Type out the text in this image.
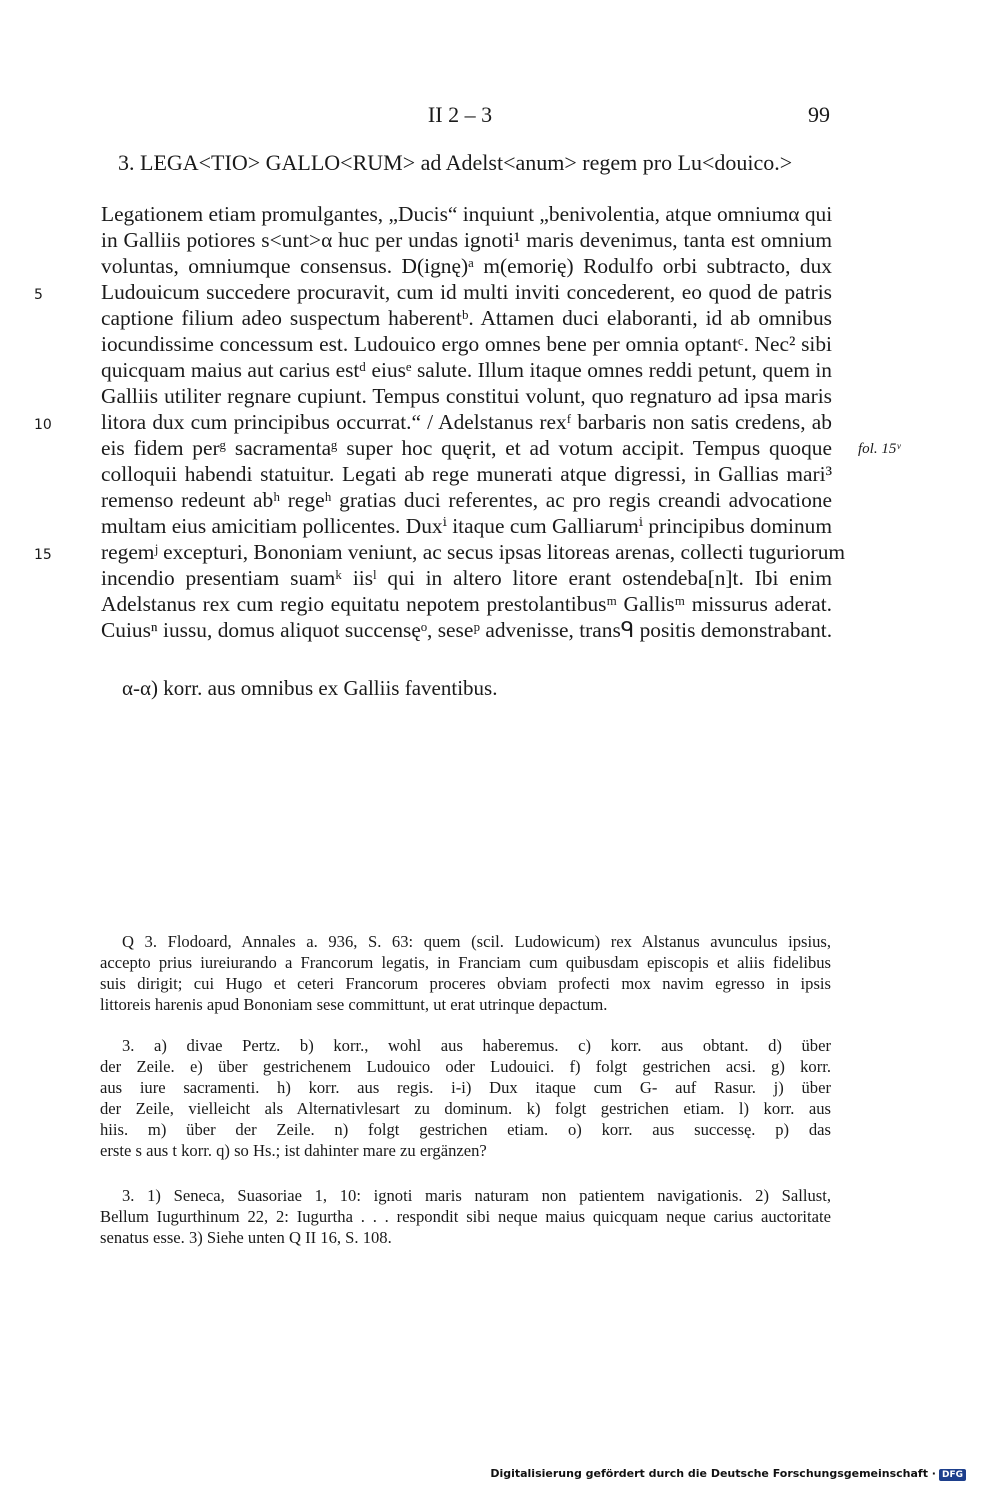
II 2 – 3	99
3. LEGA<TIO> GALLO<RUM> ad Adelst<anum> regem pro Lu<douico.>
Legationem etiam promulgantes, „Ducis“ inquiunt „benivolentia, atque omniumα qui
in Galliis potiores s<unt>α huc per undas ignoti¹ maris devenimus, tanta est omnium
voluntas, omniumque consensus. D(ignę)ᵃ m(emorię) Rodulfo orbi subtracto, dux
Ludouicum succedere procuravit, cum id multi inviti concederent, eo quod de patris
captione filium adeo suspectum haberentᵇ. Attamen duci elaboranti, id ab omnibus
iocundissime concessum est. Ludouico ergo omnes bene per omnia optantᶜ. Nec² sibi
quicquam maius aut carius estᵈ eiusᵉ salute. Illum itaque omnes reddi petunt, quem in
Galliis utiliter regnare cupiunt. Tempus constitui volunt, quo regnaturo ad ipsa maris
litora dux cum principibus occurrat.“ / Adelstanus rexᶠ barbaris non satis credens, ab
eis fidem perᵍ sacramentaᵍ super hoc quęrit, et ad votum accipit. Tempus quoque
colloquii habendi statuitur. Legati ab rege munerati atque digressi, in Gallias mari³
remenso redeunt abʰ regeʰ gratias duci referentes, ac pro regis creandi advocatione
multam eius amicitiam pollicentes. Duxⁱ itaque cum Galliarumⁱ principibus dominum
regemʲ excepturi, Bononiam veniunt, ac secus ipsas litoreas arenas, collecti tuguriorum
incendio presentiam suamᵏ iisˡ qui in altero litore erant ostendeba[n]t. Ibi enim
Adelstanus rex cum regio equitatu nepotem prestolantibusᵐ Gallisᵐ missurus aderat.
Cuiusⁿ iussu, domus aliquot succensęᵒ, seseᵖ advenisse, transᑫ positis demonstrabant.
5
10
15
fol. 15ᵛ
α-α) korr. aus omnibus ex Galliis faventibus.
Q 3. Flodoard, Annales a. 936, S. 63: quem (scil. Ludowicum) rex Alstanus avunculus ipsius,
accepto prius iureiurando a Francorum legatis, in Franciam cum quibusdam episcopis et aliis fidelibus
suis dirigit; cui Hugo et ceteri Francorum proceres obviam profecti mox navim egresso in ipsis
littoreis harenis apud Bononiam sese committunt, ut erat utrinque depactum.
3. a) divae Pertz. b) korr., wohl aus haberemus. c) korr. aus obtant. d) über
der Zeile. e) über gestrichenem Ludouico oder Ludouici. f) folgt gestrichen acsi. g) korr.
aus iure sacramenti. h) korr. aus regis. i-i) Dux itaque cum G- auf Rasur. j) über
der Zeile, vielleicht als Alternativlesart zu dominum. k) folgt gestrichen etiam. l) korr. aus
hiis. m) über der Zeile. n) folgt gestrichen etiam. o) korr. aus successę. p) das
erste s aus t korr. q) so Hs.; ist dahinter mare zu ergänzen?
3. 1) Seneca, Suasoriae 1, 10: ignoti maris naturam non patientem navigationis. 2) Sallust,
Bellum Iugurthinum 22, 2: Iugurtha . . . respondit sibi neque maius quicquam neque carius auctoritate
senatus esse. 3) Siehe unten Q II 16, S. 108.
Digitalisierung gefördert durch die Deutsche Forschungsgemeinschaft · DFG
